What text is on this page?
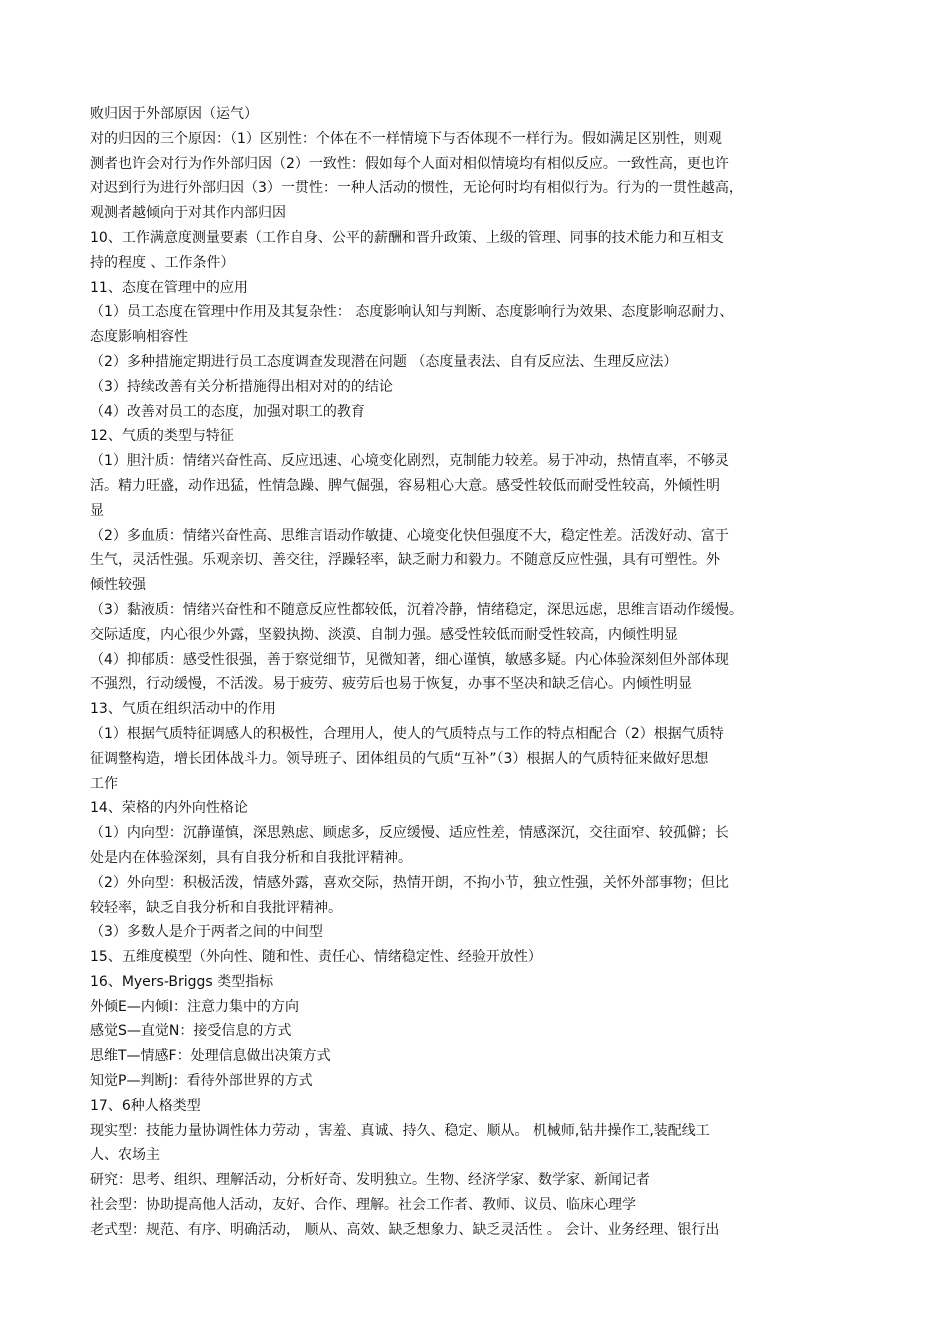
败归因于外部原因（运气）
对的归因的三个原因：（1）区别性：个体在不一样情境下与否体现不一样行为。假如满足区别性，则观
测者也许会对行为作外部归因（2）一致性：假如每个人面对相似情境均有相似反应。一致性高，更也许
对迟到行为进行外部归因（3）一贯性：一种人活动的惯性，无论何时均有相似行为。行为的一贯性越高，
观测者越倾向于对其作内部归因
10、工作满意度测量要素（工作自身、公平的薪酬和晋升政策、上级的管理、同事的技术能力和互相支
持的程度 、工作条件）
11、态度在管理中的应用
（1）员工态度在管理中作用及其复杂性： 态度影响认知与判断、态度影响行为效果、态度影响忍耐力、
态度影响相容性
（2）多种措施定期进行员工态度调查发现潜在问题 （态度量表法、自有反应法、生理反应法）
（3）持续改善有关分析措施得出相对对的的结论
（4）改善对员工的态度，加强对职工的教育
12、气质的类型与特征
（1）胆汁质：情绪兴奋性高、反应迅速、心境变化剧烈，克制能力较差。易于冲动，热情直率，不够灵
活。精力旺盛，动作迅猛，性情急躁、脾气倔强，容易粗心大意。感受性较低而耐受性较高，外倾性明
显
（2）多血质：情绪兴奋性高、思维言语动作敏捷、心境变化快但强度不大，稳定性差。活泼好动、富于
生气，灵活性强。乐观亲切、善交往，浮躁轻率，缺乏耐力和毅力。不随意反应性强，具有可塑性。外
倾性较强
（3）黏液质：情绪兴奋性和不随意反应性都较低，沉着冷静，情绪稳定，深思远虑，思维言语动作缓慢。
交际适度，内心很少外露，坚毅执拗、淡漠、自制力强。感受性较低而耐受性较高，内倾性明显
（4）抑郁质：感受性很强，善于察觉细节，见微知著，细心谨慎，敏感多疑。内心体验深刻但外部体现
不强烈，行动缓慢，不活泼。易于疲劳、疲劳后也易于恢复，办事不坚决和缺乏信心。内倾性明显
13、气质在组织活动中的作用
（1）根据气质特征调感人的积极性，合理用人，使人的气质特点与工作的特点相配合（2）根据气质特
征调整构造，增长团体战斗力。领导班子、团体组员的气质“互补”（3）根据人的气质特征来做好思想
工作
14、荣格的内外向性格论
（1）内向型：沉静谨慎，深思熟虑、顾虑多，反应缓慢、适应性差，情感深沉，交往面窄、较孤僻；长
处是内在体验深刻，具有自我分析和自我批评精神。
（2）外向型：积极活泼，情感外露，喜欢交际，热情开朗，不拘小节，独立性强，关怀外部事物；但比
较轻率，缺乏自我分析和自我批评精神。
（3）多数人是介于两者之间的中间型
15、五维度模型（外向性、随和性、责任心、情绪稳定性、经验开放性）
16、Myers-Briggs 类型指标
外倾E—内倾I：注意力集中的方向
感觉S—直觉N：接受信息的方式
思维T—情感F：处理信息做出决策方式
知觉P—判断J：看待外部世界的方式
17、6种人格类型
现实型：技能力量协调性体力劳动 ，害羞、真诚、持久、稳定、顺从。 机械师,钻井操作工,装配线工
人、农场主
研究：思考、组织、理解活动，分析好奇、发明独立。生物、经济学家、数学家、新闻记者
社会型：协助提高他人活动，友好、合作、理解。社会工作者、教师、议员、临床心理学
老式型：规范、有序、明确活动， 顺从、高效、缺乏想象力、缺乏灵活性 。 会计、业务经理、银行出
